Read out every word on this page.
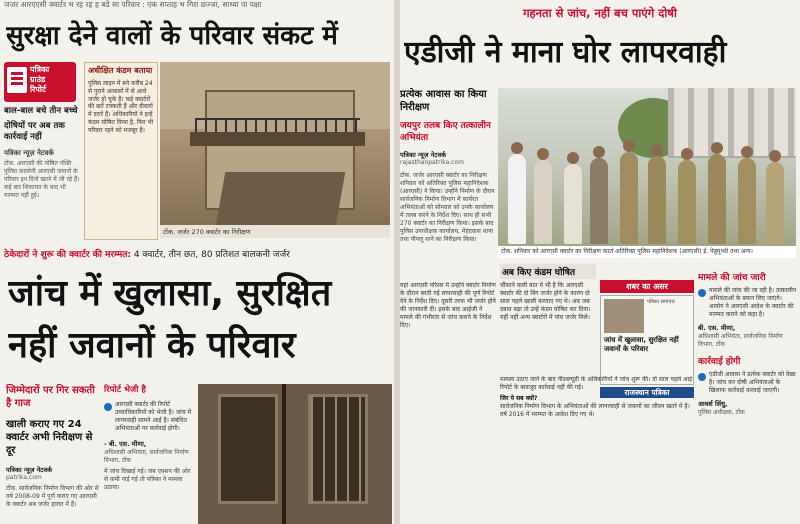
जजर आरएएसी क्‍वार्टर भ रह रह ह बडे सा परिवार : एक सप्ताह भ गिरा छज्जा, साथ्या पा पक्षा
सुरक्षा देने वालों के परिवार संकट में
पत्रिका
ग्राउंड
रिपोर्ट
बाल-बाल बचे तीन बच्चे
दोषियों पर अब तक कार्रवाई नहीं
पत्रिका न्यूज़ नेटवर्क
टोंक. आरएसी की पोषित पंक्ति पुलिस कालोनी आरएसी जवानों के परिवार इन दिनों खतरे में जी रहे हैं। कई बार शिकायत के बाद भी मरम्मत नहीं हुई।
अधीक्षित कंडम बताया
पुलिस लाइन में बने करीब 24 से पुराने आवासों में से आधे जर्जर हो चुके हैं। कई क्वार्टरों की छतें टपकती हैं और दीवारों में दरारें हैं। अधिकारियों ने इन्हें कंडम घोषित किया है, फिर भी परिवार रहने को मजबूर हैं।
टोंक. जर्जर 270 क्‍वार्टर का निरीक्षण
ठेकेदारों ने शुरू की क्वार्टर की मरम्मत: 4 क्वार्टर, तीन छत, 80 प्रतिशत बालकनी जर्जर
जांच में खुलासा, सुरक्षित नहीं जवानों के परिवार
जिम्मेदारों पर गिर सकती है गाज
खाली कराए गए 24 क्वार्टर अभी निरीक्षण से दूर
पत्रिका न्यूज़ नेटवर्क
patrika.com
टोंक. सार्वजनिक निर्माण विभाग की ओर से वर्ष 2008-09 में पूर्ण कराए गए आरएसी के क्वार्टर अब जर्जर हालत में हैं।
रिपोर्ट भेजी है
आरएसी क्वार्टर की रिपोर्ट उच्चाधिकारियों को भेजी है। जांच में लापरवाही सामने आई है। संबंधित अभियंताओं पर कार्रवाई होगी।
- बी. एस. मीणा,
अधिशासी अभियंता, सार्वजनिक निर्माण विभाग, टोंक
में जांच दिखाई गई। जब एक्शन की ओर से कमी पाई गई तो पत्रिका ने मामला उठाया।
गहनता से जांच, नहीं बच पाएंगे दोषी
एडीजी ने माना घोर लापरवाही
प्रत्येक आवास का किया निरीक्षण
जयपुर तलब किए तत्कालीन अभियंता
पत्रिका न्यूज़ नेटवर्क
rajasthanpatrika.com
टोंक. जर्जर आरएसी क्वार्टर का निरीक्षण शनिवार को अतिरिक्त पुलिस महानिदेशक (आरएसी) ने किया। उन्होंने निर्माण के दौरान सार्वजनिक निर्माण विभाग में कार्यरत अभियंताओं को सोमवार को उनके कार्यालय में तलब करने के निर्देश दिए। साथ ही सभी 270 क्वार्टर का निरीक्षण किया। इसके बाद पुलिस उपाधीक्षक कार्यालय, मेहंदवास थाना तथा पीपलू थाने का निरीक्षण किया।
टोंक. शनिवार को आरएसी क्वार्टर का निरीक्षण करते अतिरिक्त पुलिस महानिदेशक (आरएसी) ई. पेन्नुमुथ्थी तथा अन्य।
यहां आरएसी परिसर में उन्होंने क्वार्टर निर्माण के दौरान बरती गई लापरवाही की पूर्ण रिपोर्ट देने के निर्देश दिए। दूसरी तरफ भी जर्जर होने की जानकारी दी। इसके बाद आईजी ने मामले की गंभीरता से जांच कराने के निर्देश दिए।
अब किए कंडम घोषित
चौंकाने वाली बात ये भी है कि आरएसी क्वार्टर की दो विंग जर्जर होने के कारण दो साल पहले खाली करवाए गए थे। अब जब दबाव बढ़ा तो उन्हें कंडम घोषित कर दिया। यहीं नहीं अन्य क्वार्टरों में पांच जर्जर मिले।
शबर का असर
पत्रिका समाचार
जांच में खुलासा, सुरक्षित नहीं जवानों के परिवार
राजस्थान पत्रिका
मामले की जांच जारी
मामले की जांच की जा रही है। तत्कालीन अभियंताओं के बयान लिए जाएंगे। आयोग ने आरएसी आदेश के क्वार्टर की मरम्मत कराने को कहा है।
बी. एस. मीणा,
अधिशासी अभियंता, सार्वजनिक निर्माण विभाग, टोंक
कार्रवाई होगी
एडीजी आवास ने प्रत्येक क्वार्टर को देखा है। जांच कर दोषी अभियंताओं के खिलाफ कार्रवाई करवाई जाएगी।
आवर्श सिंधु,
पुलिस अधीक्षक, टोंक
मामला उठाए जाने के बाद पीडब्ल्यूडी के अधिकारियों ने जांच शुरू की। दो साल पहले आई रिपोर्ट के बावजूद कार्रवाई नहीं की गई।
जिर ये सब क्यों?
सार्वजनिक निर्माण विभाग के अभियंताओं की लापरवाही से जवानों का जीवन खतरे में है। वर्ष 2016 में मरम्मत के आदेश दिए गए थे।
